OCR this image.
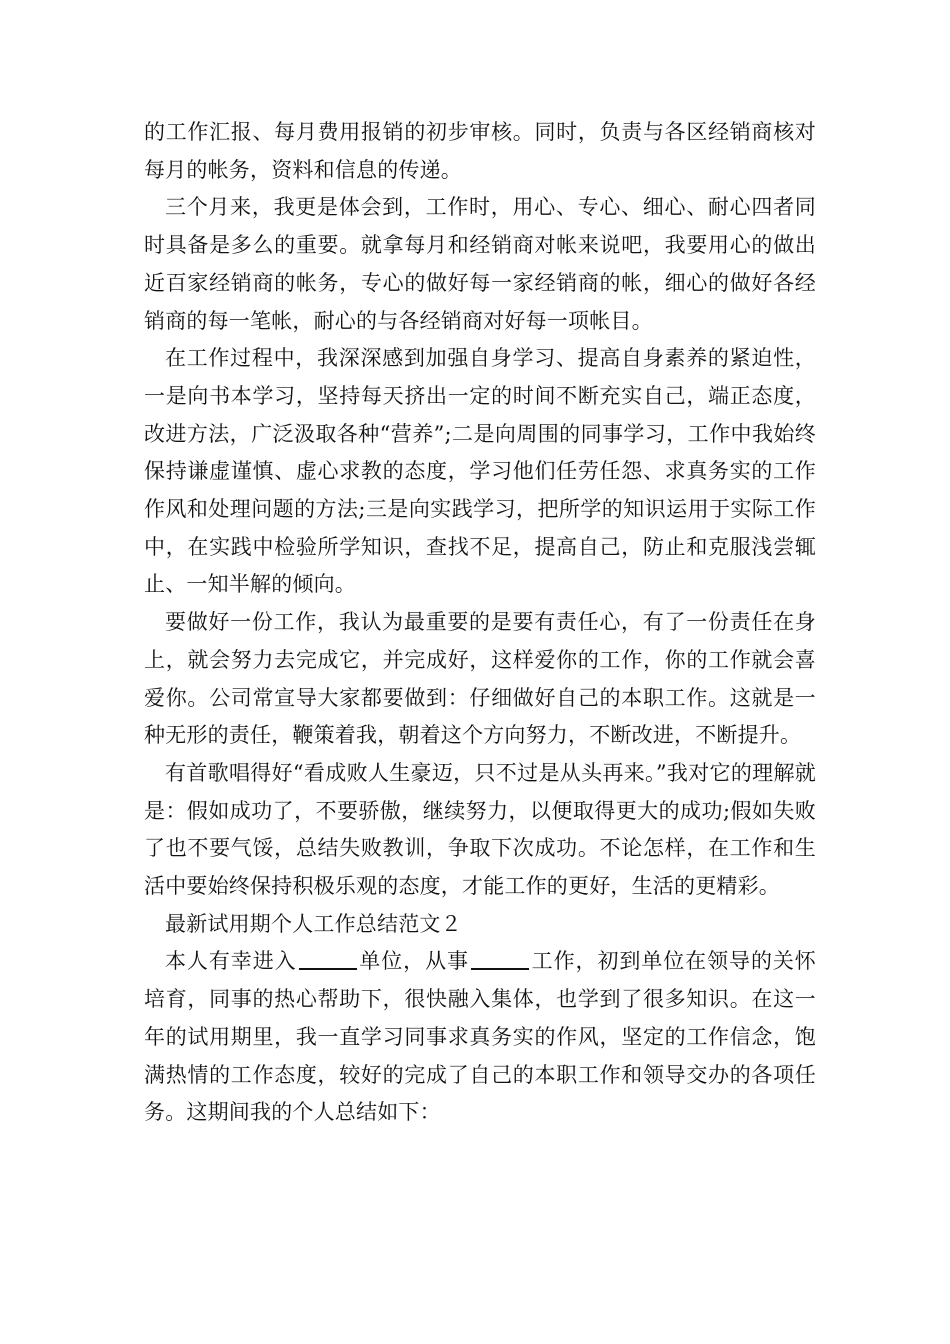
的工作汇报、每月费用报销的初步审核。同时，负责与各区经销商核对每月的帐务，资料和信息的传递。

三个月来，我更是体会到，工作时，用心、专心、细心、耐心四者同时具备是多么的重要。就拿每月和经销商对帐来说吧，我要用心的做出近百家经销商的帐务，专心的做好每一家经销商的帐，细心的做好各经销商的每一笔帐，耐心的与各经销商对好每一项帐目。

在工作过程中，我深深感到加强自身学习、提高自身素养的紧迫性，一是向书本学习，坚持每天挤出一定的时间不断充实自己，端正态度，改进方法，广泛汲取各种“营养”;二是向周围的同事学习，工作中我始终保持谦虚谨慎、虚心求教的态度，学习他们任劳任怨、求真务实的工作作风和处理问题的方法;三是向实践学习，把所学的知识运用于实际工作中，在实践中检验所学知识，查找不足，提高自己，防止和克服浅尝辄止、一知半解的倾向。

要做好一份工作，我认为最重要的是要有责任心，有了一份责任在身上，就会努力去完成它，并完成好，这样爱你的工作，你的工作就会喜爱你。公司常宣导大家都要做到：仔细做好自己的本职工作。这就是一种无形的责任，鞭策着我，朝着这个方向努力，不断改进，不断提升。

有首歌唱得好“看成败人生豪迈，只不过是从头再来。”我对它的理解就是：假如成功了，不要骄傲，继续努力，以便取得更大的成功;假如失败了也不要气馁，总结失败教训，争取下次成功。不论怎样，在工作和生活中要始终保持积极乐观的态度，才能工作的更好，生活的更精彩。

最新试用期个人工作总结范文２

本人有幸进入	单位，从事	工作，初到单位在领导的关怀培育，同事的热心帮助下，很快融入集体，也学到了很多知识。在这一年的试用期里，我一直学习同事求真务实的作风，坚定的工作信念，饱满热情的工作态度，较好的完成了自己的本职工作和领导交办的各项任务。这期间我的个人总结如下：
